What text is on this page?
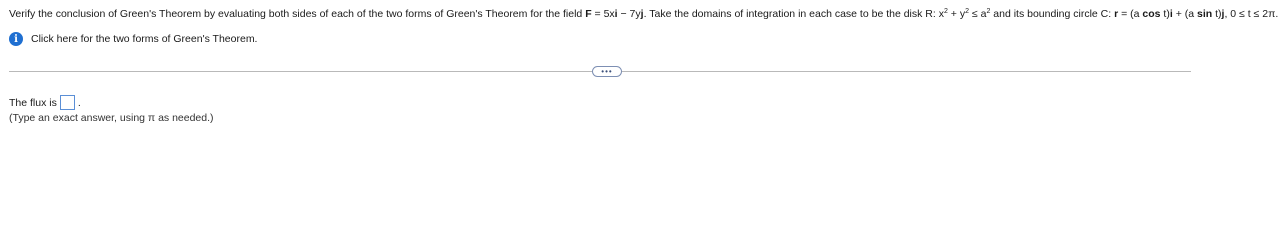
Verify the conclusion of Green's Theorem by evaluating both sides of each of the two forms of Green's Theorem for the field F = 5xi − 7yj. Take the domains of integration in each case to be the disk R: $x^2 + y^2 \le a^2$ and its bounding circle C: r = (a cos t)i + (a sin t)j, 0 ≤ t ≤ 2π.
i	Click here for the two forms of Green's Theorem.
•••
The flux is .
(Type an exact answer, using π as needed.)
